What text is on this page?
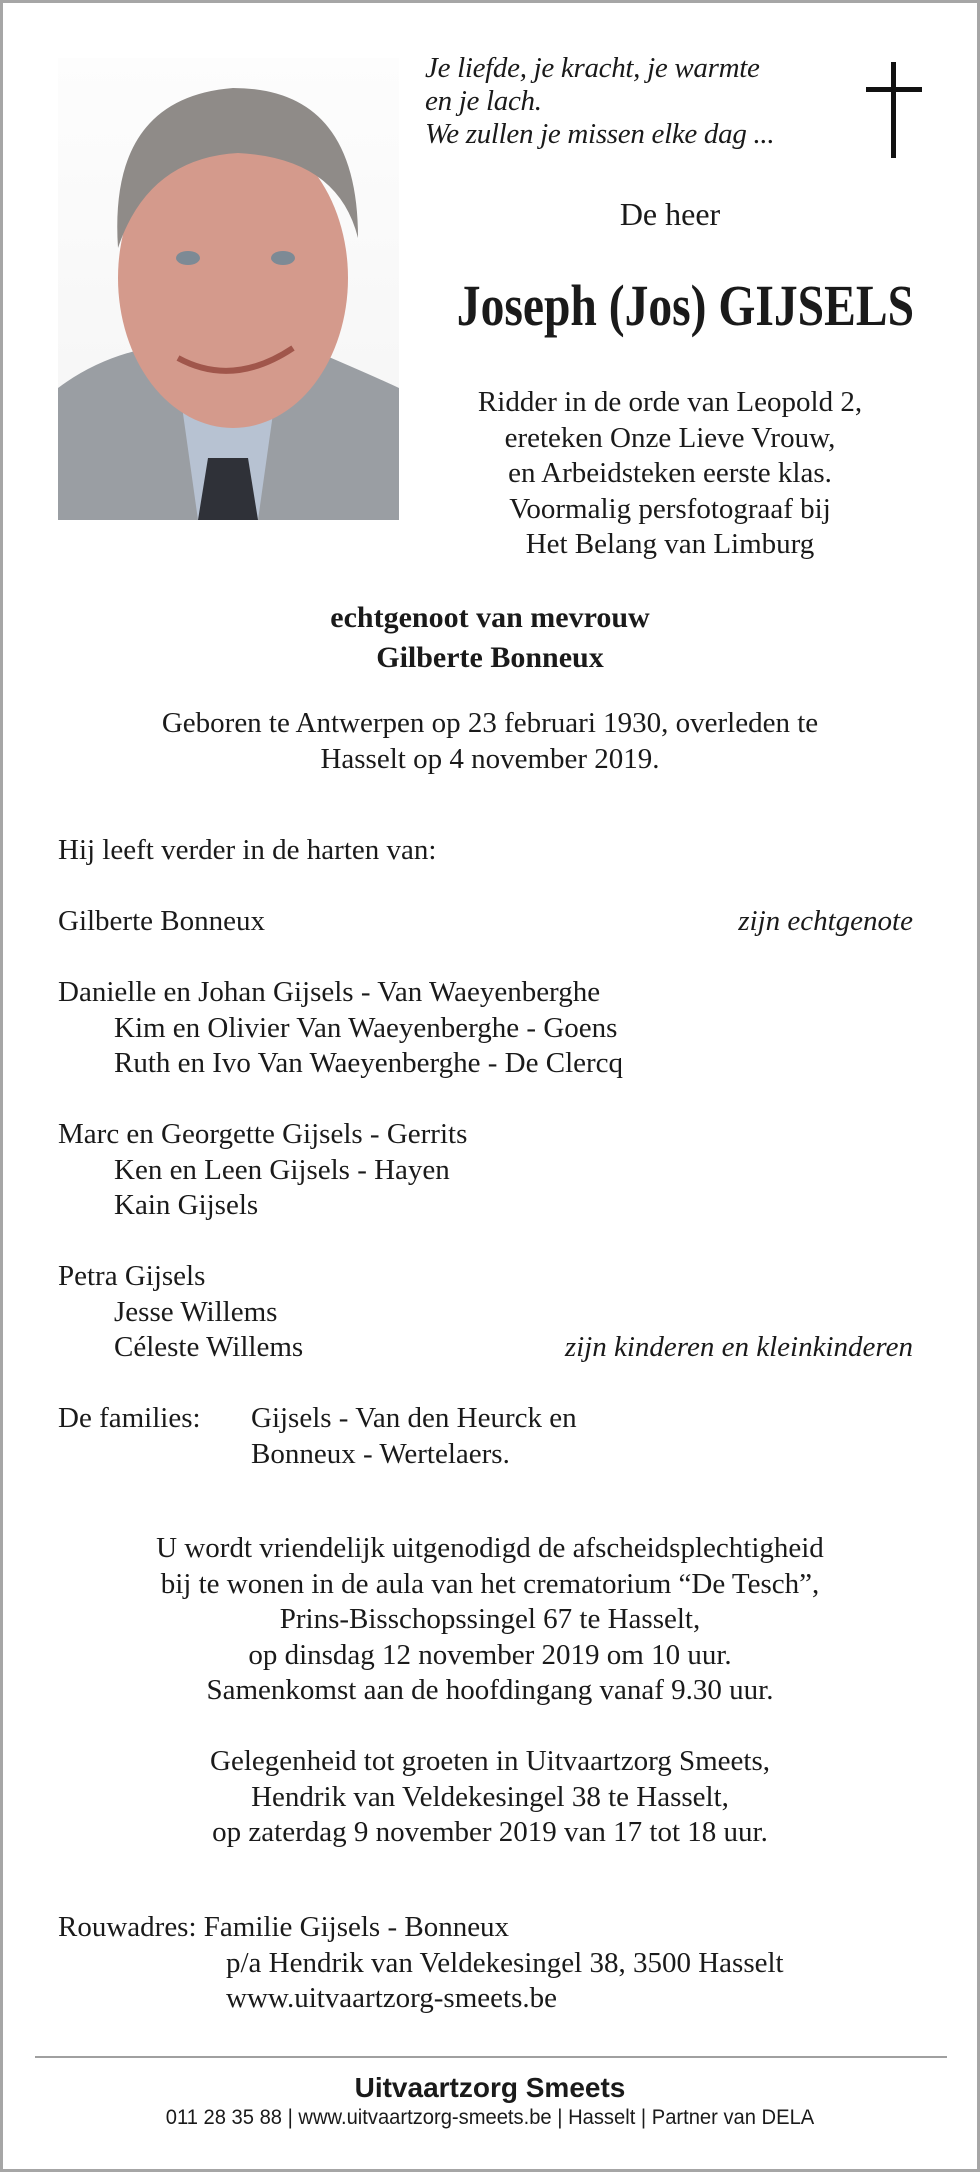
Je liefde, je kracht, je warmte
en je lach.
We zullen je missen elke dag ...
De heer
Joseph (Jos) GIJSELS
Ridder in de orde van Leopold 2,
ereteken Onze Lieve Vrouw,
en Arbeidsteken eerste klas.
Voormalig persfotograaf bij
Het Belang van Limburg
echtgenoot van mevrouw
Gilberte Bonneux
Geboren te Antwerpen op 23 februari 1930, overleden te
Hasselt op 4 november 2019.
Hij leeft verder in de harten van:
Gilberte Bonneux	zijn echtgenote
Danielle en Johan Gijsels - Van Waeyenberghe
Kim en Olivier Van Waeyenberghe - Goens
Ruth en Ivo Van Waeyenberghe - De Clercq
Marc en Georgette Gijsels - Gerrits
Ken en Leen Gijsels - Hayen
Kain Gijsels
Petra Gijsels
Jesse Willems
Céleste Willems	zijn kinderen en kleinkinderen
De families: Gijsels - Van den Heurck en
Bonneux - Wertelaers.
U wordt vriendelijk uitgenodigd de afscheidsplechtigheid
bij te wonen in de aula van het crematorium “De Tesch”,
Prins-Bisschopssingel 67 te Hasselt,
op dinsdag 12 november 2019 om 10 uur.
Samenkomst aan de hoofdingang vanaf 9.30 uur.
Gelegenheid tot groeten in Uitvaartzorg Smeets,
Hendrik van Veldekesingel 38 te Hasselt,
op zaterdag 9 november 2019 van 17 tot 18 uur.
Rouwadres: Familie Gijsels - Bonneux
p/a Hendrik van Veldekesingel 38, 3500 Hasselt
www.uitvaartzorg-smeets.be
Uitvaartzorg Smeets
011 28 35 88 | www.uitvaartzorg-smeets.be | Hasselt | Partner van DELA
